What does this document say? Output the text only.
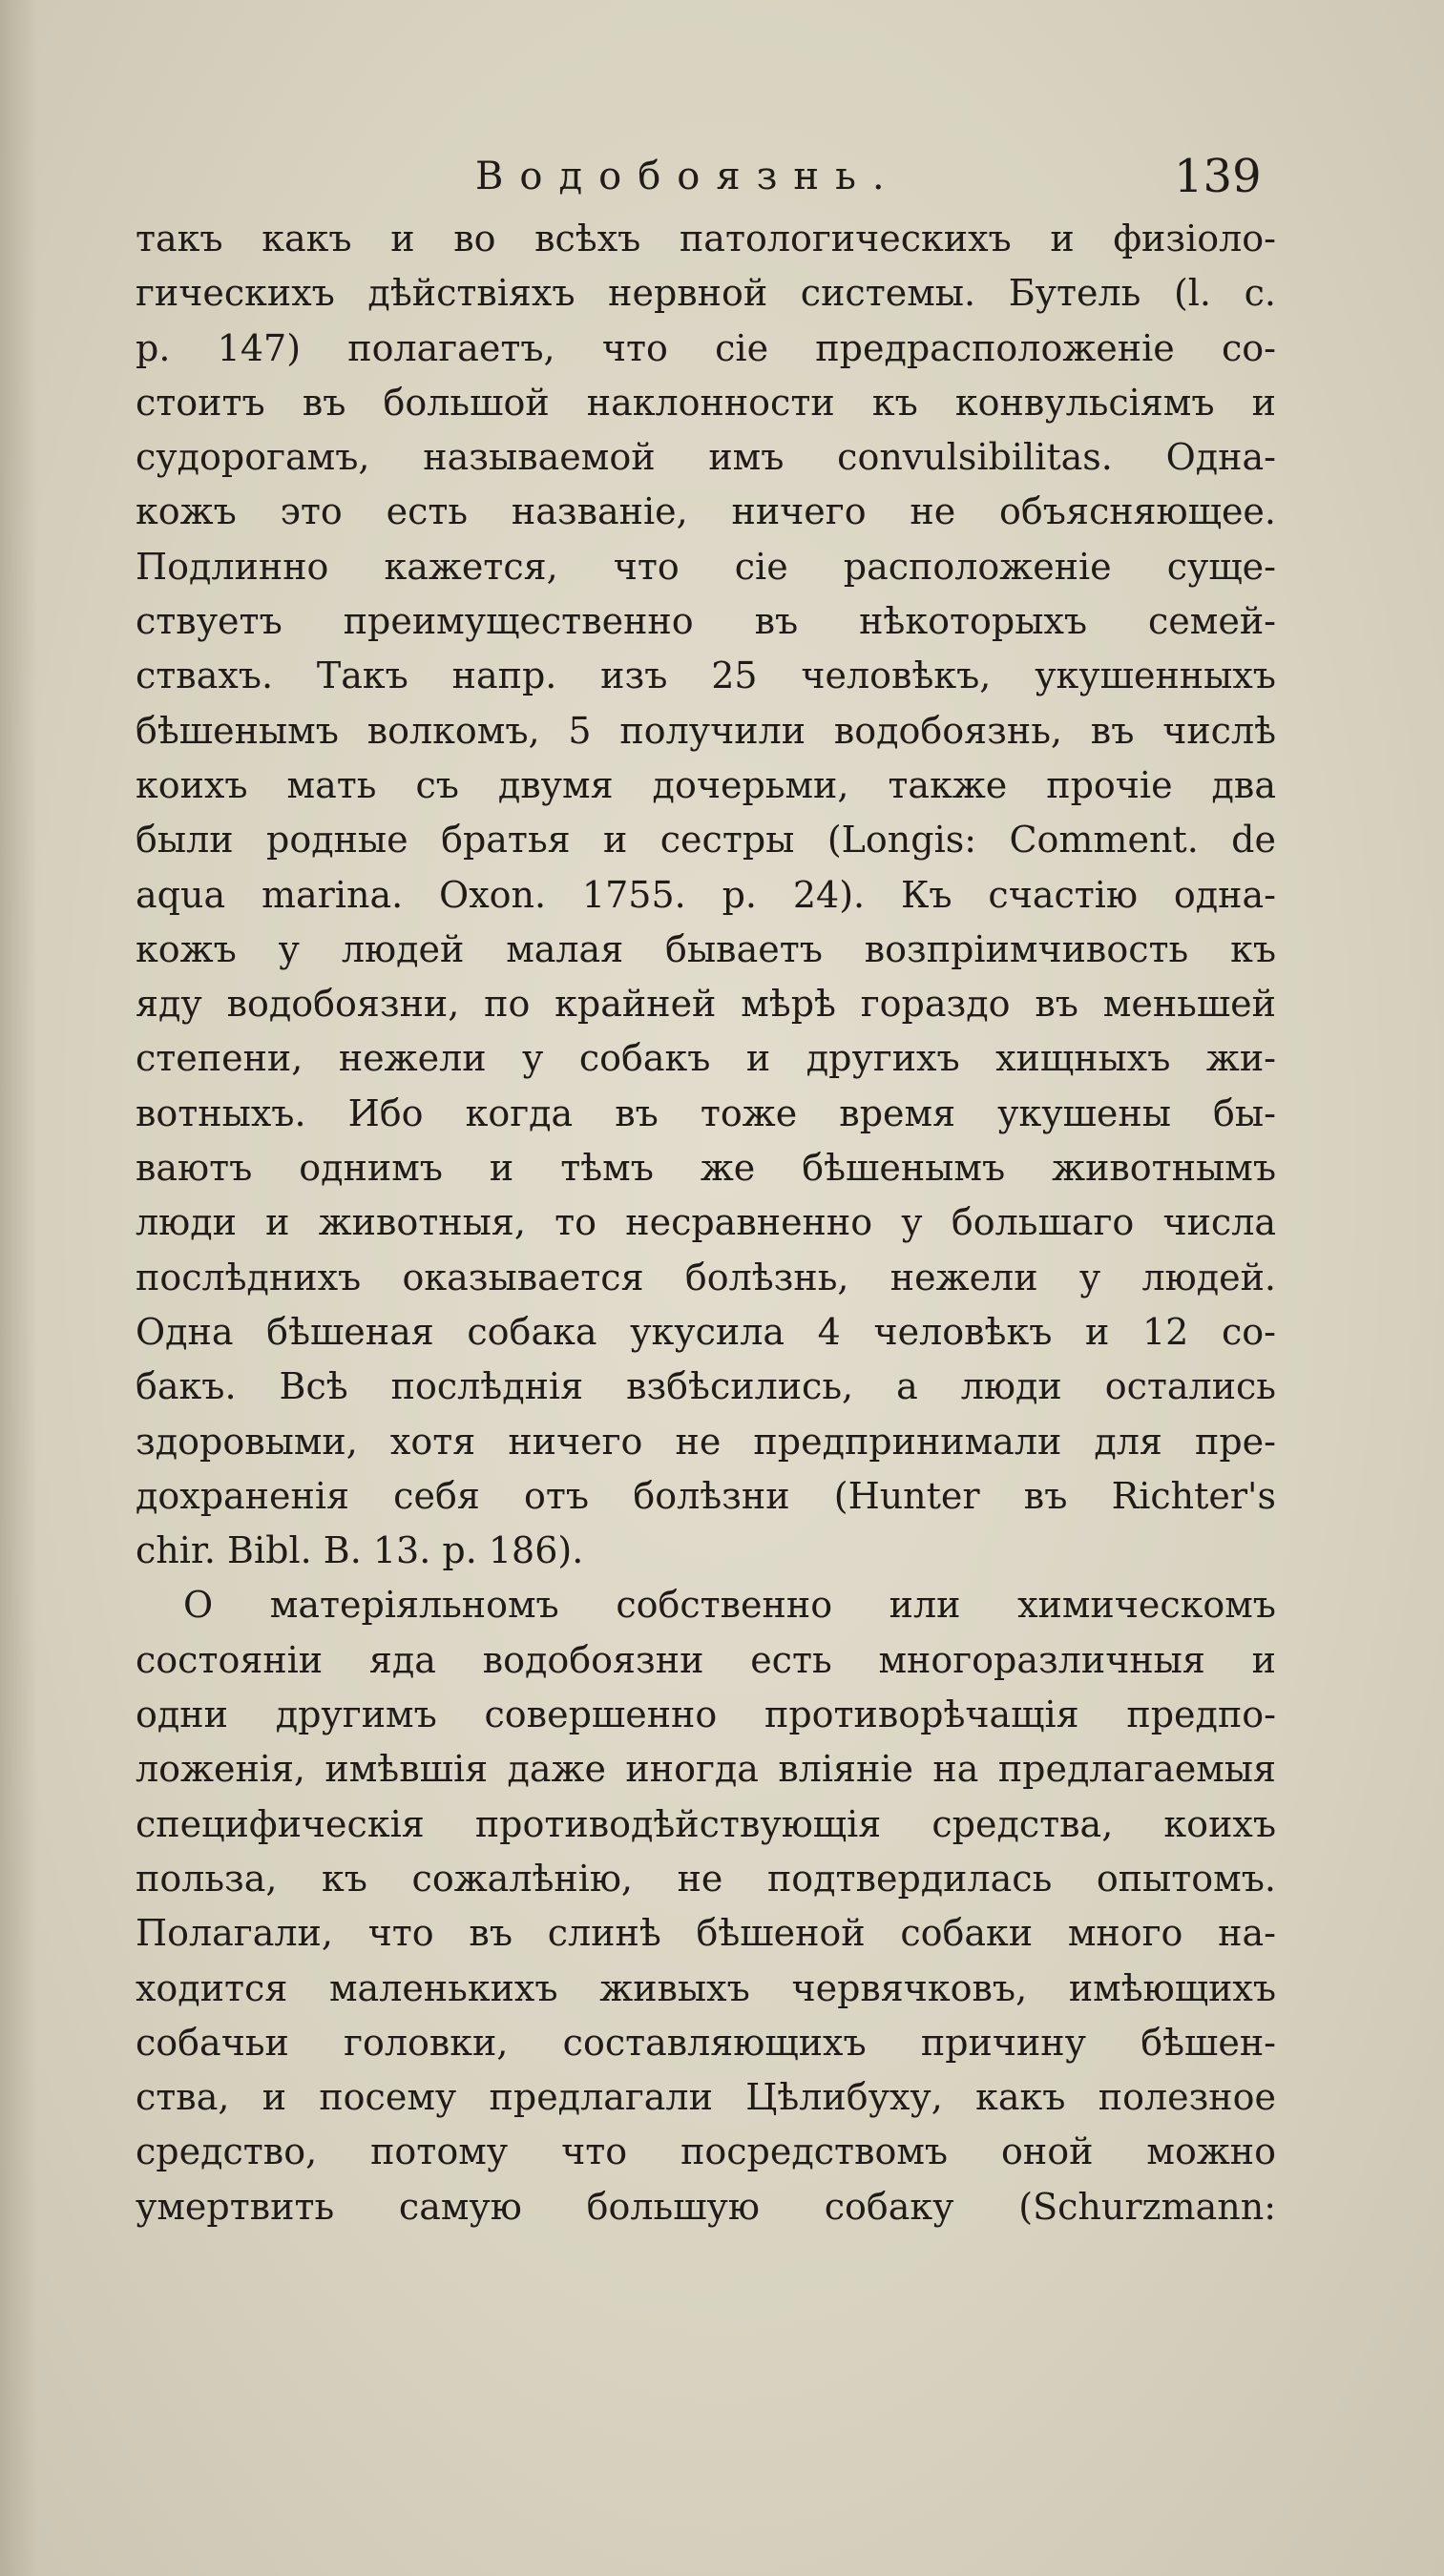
Водобоязнь.	139
такъ какъ и во всѣхъ патологическихъ и физіоло-
гическихъ дѣйствіяхъ нервной системы. Бутель (l. c.
p. 147) полагаетъ, что сіе предрасположеніе со-
стоитъ въ большой наклонности къ конвульсіямъ и
судорогамъ, называемой имъ convulsibilitas. Одна-
кожъ это есть названіе, ничего не объясняющее.
Подлинно кажется, что сіе расположеніе суще-
ствуетъ преимущественно въ нѣкоторыхъ семей-
ствахъ. Такъ напр. изъ 25 человѣкъ, укушенныхъ
бѣшенымъ волкомъ, 5 получили водобоязнь, въ числѣ
коихъ мать съ двумя дочерьми, также прочіе два
были родные братья и сестры (Longis: Comment. de
aqua marina. Oxon. 1755. p. 24). Къ счастію одна-
кожъ у людей малая бываетъ возпріимчивость къ
яду водобоязни, по крайней мѣрѣ гораздо въ меньшей
степени, нежели у собакъ и другихъ хищныхъ жи-
вотныхъ. Ибо когда въ тоже время укушены бы-
ваютъ однимъ и тѣмъ же бѣшенымъ животнымъ
люди и животныя, то несравненно у большаго числа
послѣднихъ оказывается болѣзнь, нежели у людей.
Одна бѣшеная собака укусила 4 человѣкъ и 12 со-
бакъ. Всѣ послѣднія взбѣсились, а люди остались
здоровыми, хотя ничего не предпринимали для пре-
дохраненія себя отъ болѣзни (Hunter въ Richter's
chir. Bibl. B. 13. p. 186).
О матеріяльномъ собственно или химическомъ
состояніи яда водобоязни есть многоразличныя и
одни другимъ совершенно противорѣчащія предпо-
ложенія, имѣвшія даже иногда вліяніе на предлагаемыя
специфическія противодѣйствующія средства, коихъ
польза, къ сожалѣнію, не подтвердилась опытомъ.
Полагали, что въ слинѣ бѣшеной собаки много на-
ходится маленькихъ живыхъ червячковъ, имѣющихъ
собачьи головки, составляющихъ причину бѣшен-
ства, и посему предлагали Цѣлибуху, какъ полезное
средство, потому что посредствомъ оной можно
умертвить самую большую собаку (Schurzmann:
